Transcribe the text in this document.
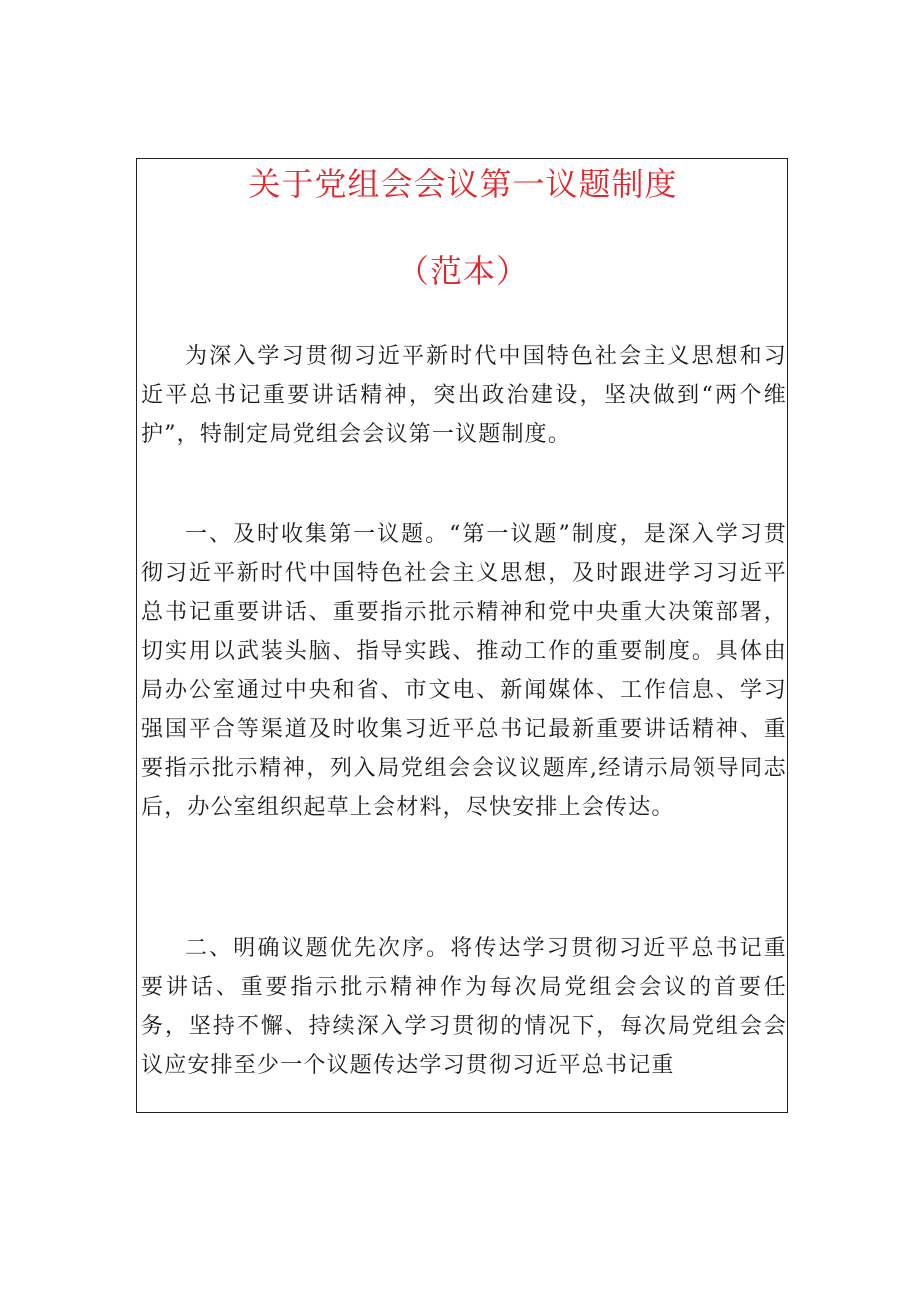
关于党组会会议第一议题制度
（范本）

为深入学习贯彻习近平新时代中国特色社会主义思想和习近平总书记重要讲话精神，突出政治建设，坚决做到“两个维护”，特制定局党组会会议第一议题制度。

一、及时收集第一议题。“第一议题”制度，是深入学习贯彻习近平新时代中国特色社会主义思想，及时跟进学习习近平总书记重要讲话、重要指示批示精神和党中央重大决策部署，切实用以武装头脑、指导实践、推动工作的重要制度。具体由局办公室通过中央和省、市文电、新闻媒体、工作信息、学习强国平合等渠道及时收集习近平总书记最新重要讲话精神、重要指示批示精神，列入局党组会会议议题库,经请示局领导同志后，办公室组织起草上会材料，尽快安排上会传达。

二、明确议题优先次序。将传达学习贯彻习近平总书记重要讲话、重要指示批示精神作为每次局党组会会议的首要任务，坚持不懈、持续深入学习贯彻的情况下，每次局党组会会议应安排至少一个议题传达学习贯彻习近平总书记重
